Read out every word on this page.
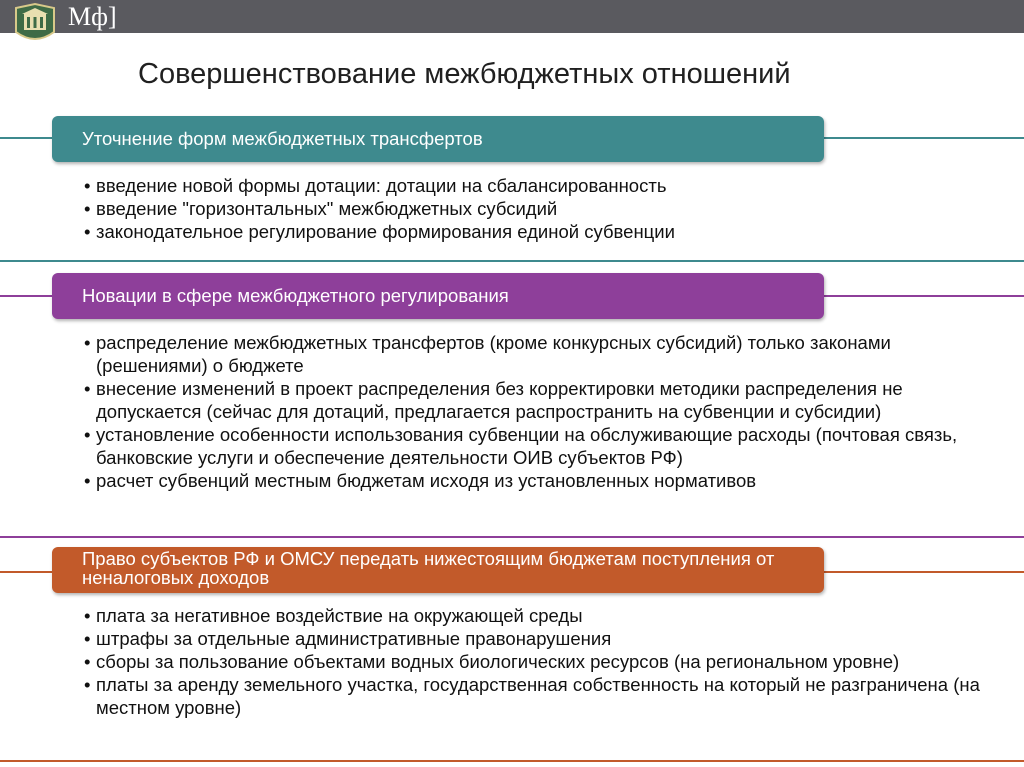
Мф]
Совершенствование межбюджетных отношений
Уточнение форм межбюджетных трансфертов
• введение новой формы дотации: дотации на сбалансированность
• введение "горизонтальных" межбюджетных субсидий
• законодательное регулирование формирования единой субвенции
Новации в сфере межбюджетного регулирования
• распределение межбюджетных трансфертов (кроме конкурсных субсидий) только законами (решениями) о бюджете
• внесение изменений в проект распределения без корректировки методики распределения не допускается (сейчас для дотаций, предлагается распространить на субвенции и субсидии)
• установление особенности использования субвенции на обслуживающие расходы (почтовая связь, банковские услуги и обеспечение деятельности ОИВ субъектов РФ)
• расчет субвенций местным бюджетам исходя из установленных нормативов
Право субъектов РФ и ОМСУ передать нижестоящим бюджетам поступления от неналоговых доходов
• плата за негативное воздействие на окружающей среды
• штрафы за отдельные административные правонарушения
• сборы за пользование объектами водных биологических ресурсов (на региональном уровне)
• платы за аренду земельного участка, государственная собственность на который не разграничена (на местном уровне)
